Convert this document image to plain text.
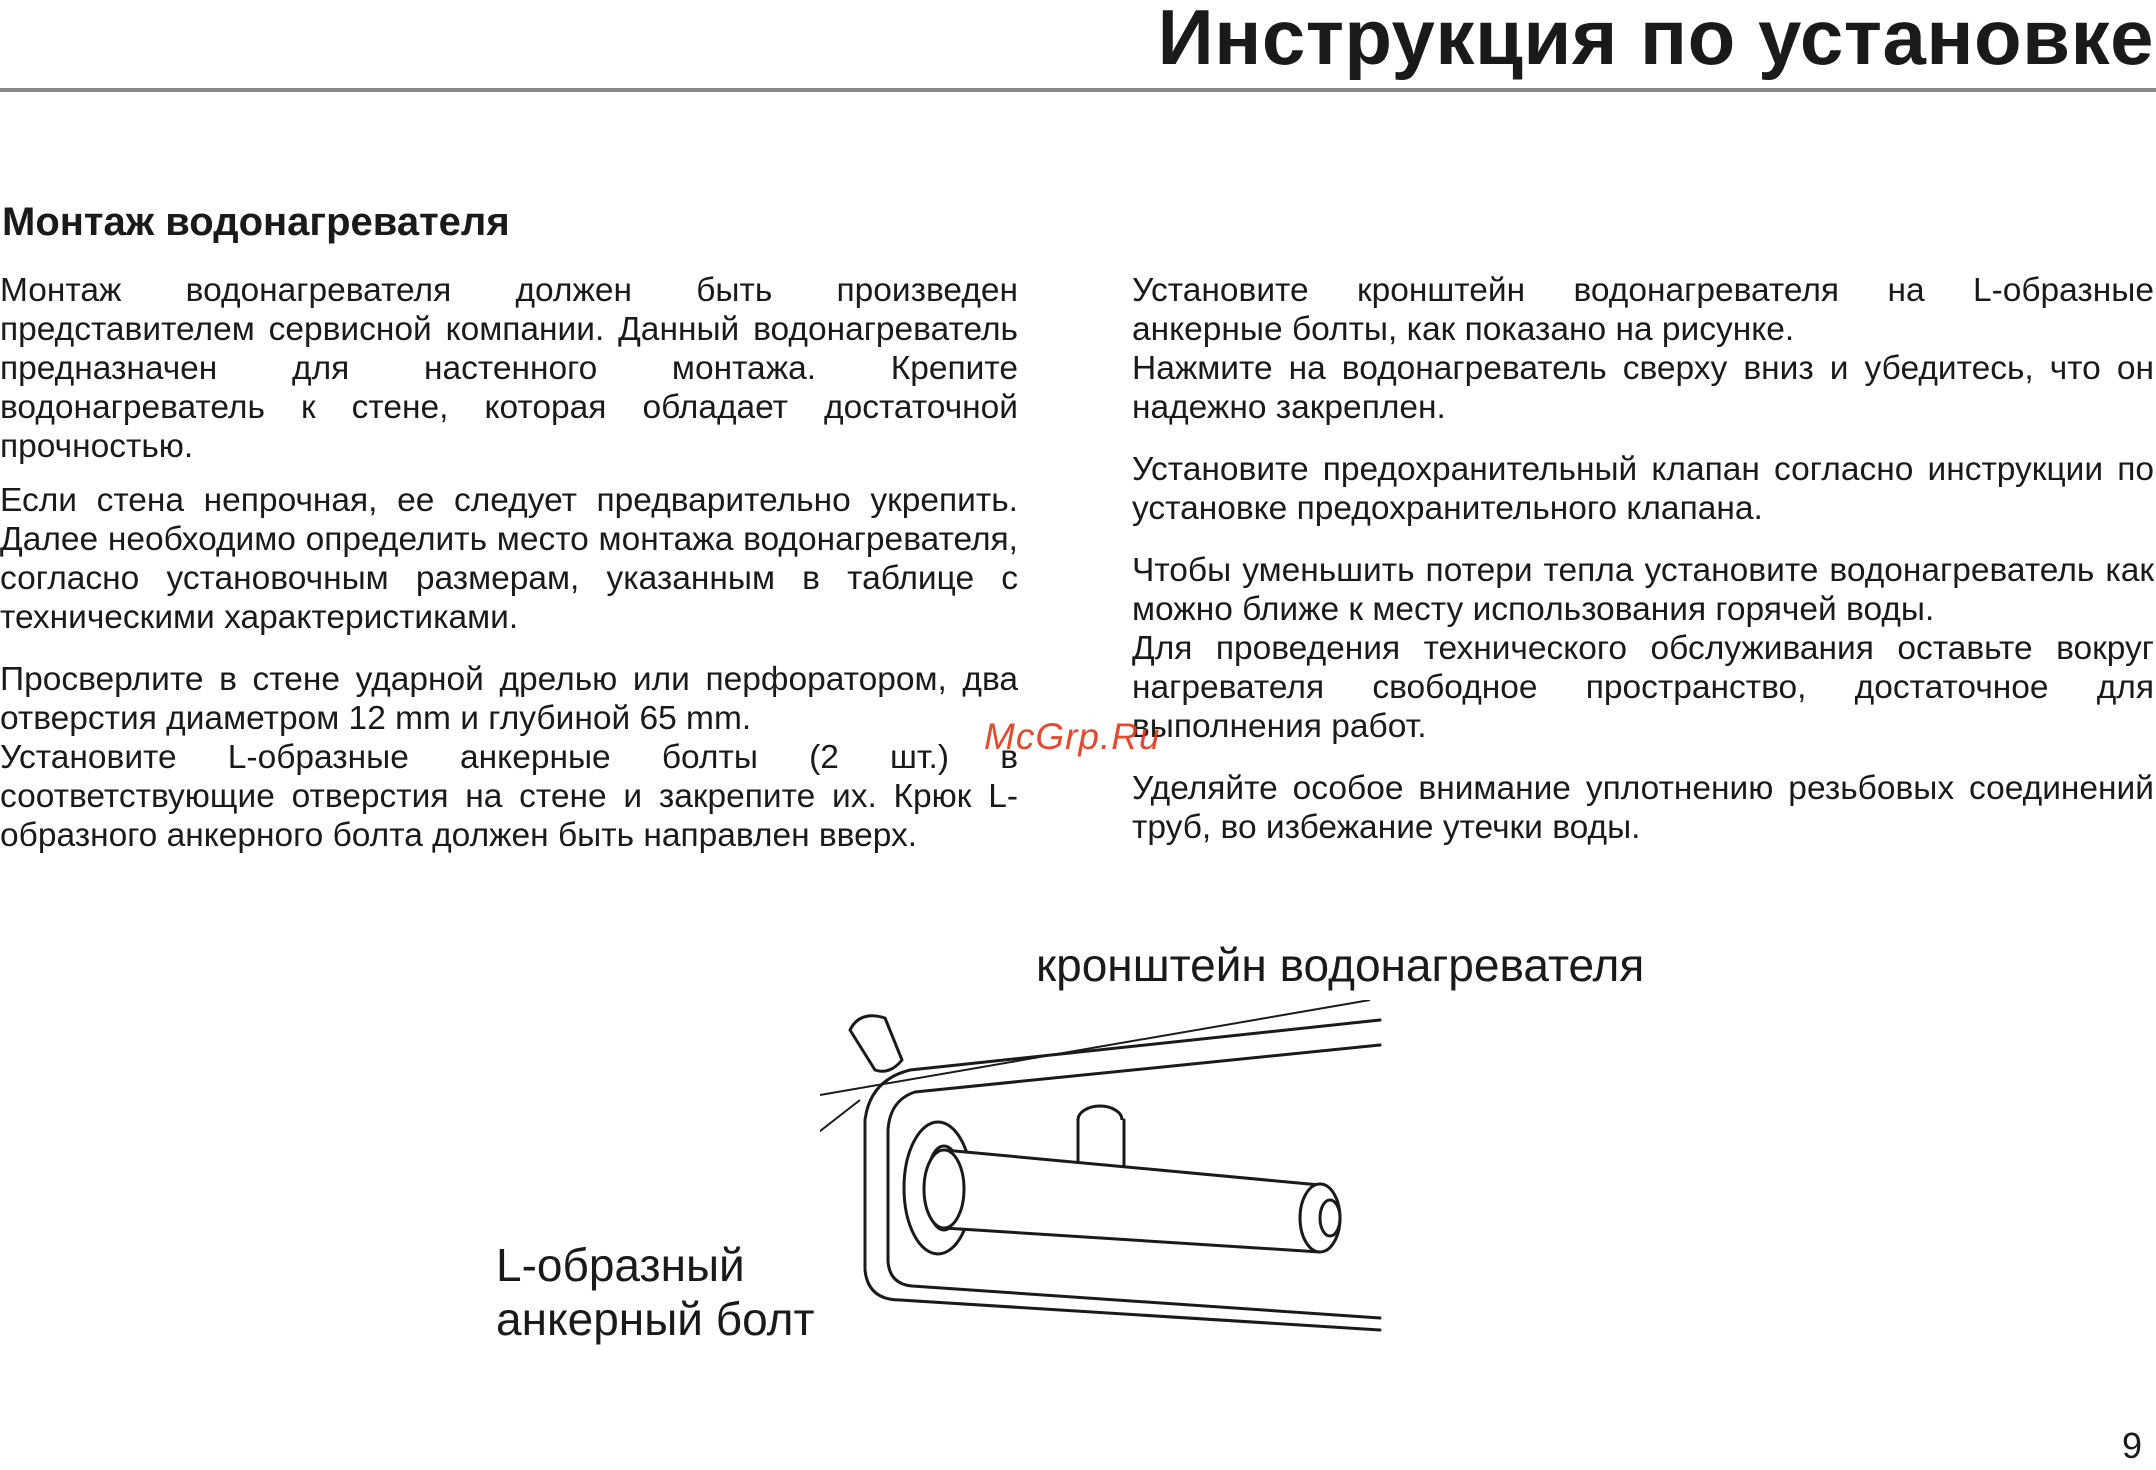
Инструкция по установке
Монтаж водонагревателя

Монтаж водонагревателя должен быть произведен представителем сервисной компании. Данный водонагреватель предназначен для настенного монтажа. Крепите водонагреватель к стене, которая обладает достаточной прочностью.

Если стена непрочная, ее следует предварительно укрепить. Далее необходимо определить место монтажа водонагревателя, согласно установочным размерам, указанным в таблице с техническими характеристиками.

Просверлите в стене ударной дрелью или перфоратором, два отверстия диаметром 12 mm и глубиной 65 mm.

Установите L-образные анкерные болты (2 шт.) в соответствующие отверстия на стене и закрепите их. Крюк L-образного анкерного болта должен быть направлен вверх.

Установите кронштейн водонагревателя на L-образные анкерные болты, как показано на рисунке.

Нажмите на водонагреватель сверху вниз и убедитесь, что он надежно закреплен.

Установите предохранительный клапан согласно инструкции по установке предохранительного клапана.

Чтобы уменьшить потери тепла установите водонагреватель как можно ближе к месту использования горячей воды.

Для проведения технического обслуживания оставьте вокруг нагревателя свободное пространство, достаточное для выполнения работ.

Уделяйте особое внимание уплотнению резьбовых соединений труб, во избежание утечки воды.

McGrp.Ru
кронштейн водонагревателя
L-образный
анкерный болт
9
